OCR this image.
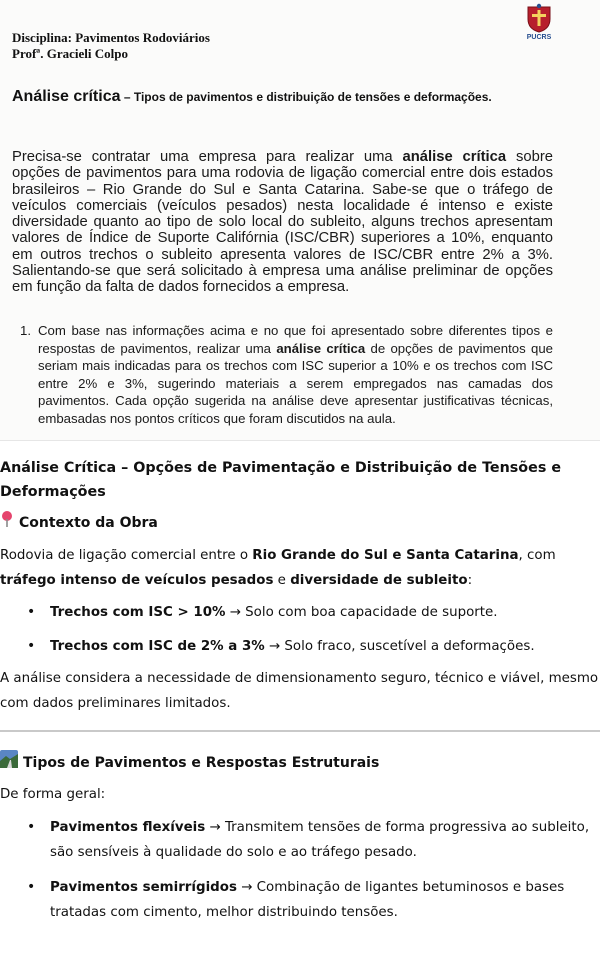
Disciplina: Pavimentos Rodoviários
Profª. Gracieli Colpo
PUCRS
Análise crítica – Tipos de pavimentos e distribuição de tensões e deformações.
Precisa-se contratar uma empresa para realizar uma análise crítica sobre opções de pavimentos para uma rodovia de ligação comercial entre dois estados brasileiros – Rio Grande do Sul e Santa Catarina. Sabe-se que o tráfego de veículos comerciais (veículos pesados) nesta localidade é intenso e existe diversidade quanto ao tipo de solo local do subleito, alguns trechos apresentam valores de Índice de Suporte Califórnia (ISC/CBR) superiores a 10%, enquanto em outros trechos o subleito apresenta valores de ISC/CBR entre 2% a 3%. Salientando-se que será solicitado à empresa uma análise preliminar de opções em função da falta de dados fornecidos a empresa.
1. Com base nas informações acima e no que foi apresentado sobre diferentes tipos e respostas de pavimentos, realizar uma análise crítica de opções de pavimentos que seriam mais indicadas para os trechos com ISC superior a 10% e os trechos com ISC entre 2% e 3%, sugerindo materiais a serem empregados nas camadas dos pavimentos. Cada opção sugerida na análise deve apresentar justificativas técnicas, embasadas nos pontos críticos que foram discutidos na aula.
Análise Crítica – Opções de Pavimentação e Distribuição de Tensões e Deformações
Contexto da Obra

Rodovia de ligação comercial entre o Rio Grande do Sul e Santa Catarina, com tráfego intenso de veículos pesados e diversidade de subleito:

• Trechos com ISC > 10% → Solo com boa capacidade de suporte.
• Trechos com ISC de 2% a 3% → Solo fraco, suscetível a deformações.

A análise considera a necessidade de dimensionamento seguro, técnico e viável, mesmo com dados preliminares limitados.

Tipos de Pavimentos e Respostas Estruturais

De forma geral:

• Pavimentos flexíveis → Transmitem tensões de forma progressiva ao subleito, são sensíveis à qualidade do solo e ao tráfego pesado.
• Pavimentos semirrígidos → Combinação de ligantes betuminosos e bases tratadas com cimento, melhor distribuindo tensões.
